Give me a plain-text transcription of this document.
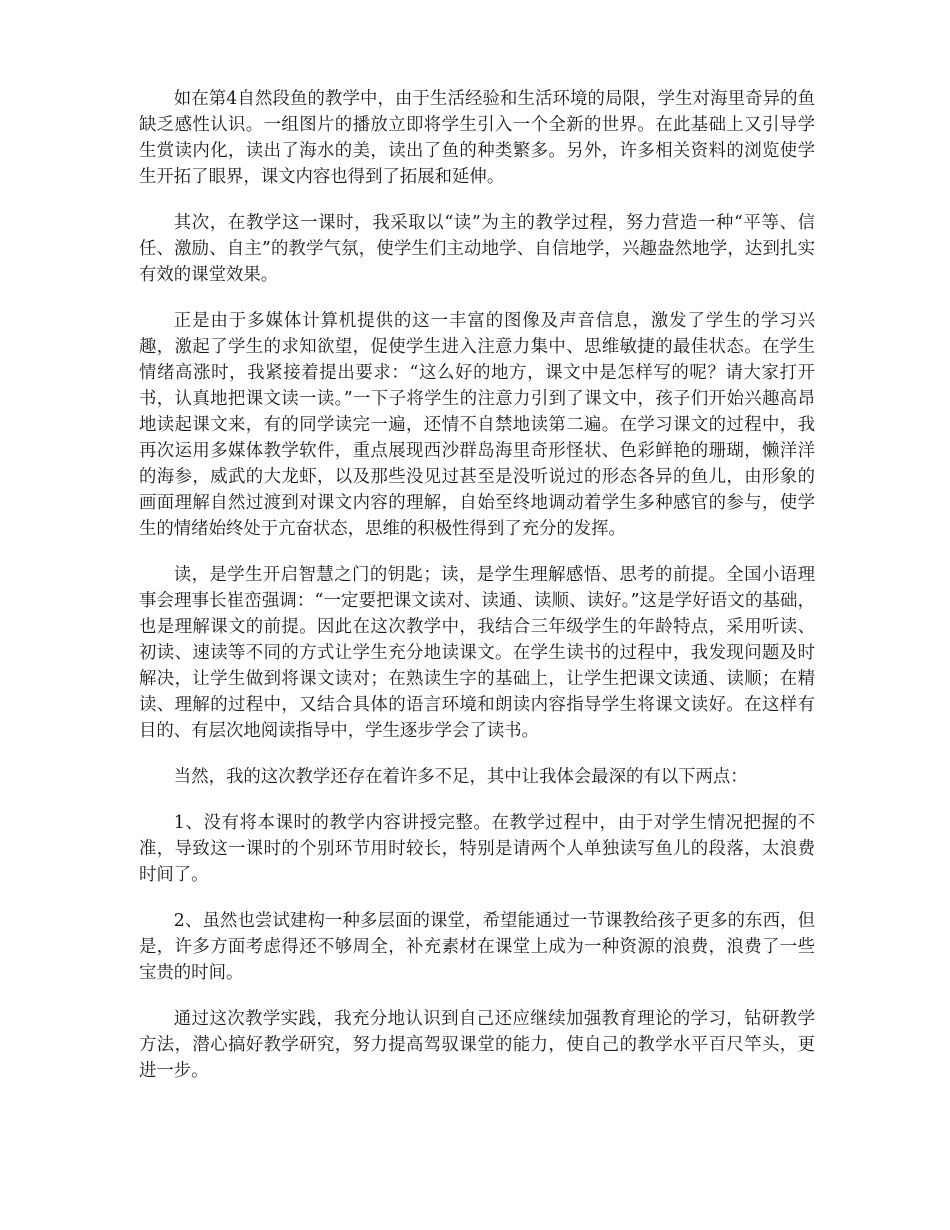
如在第4自然段鱼的教学中，由于生活经验和生活环境的局限，学生对海里奇异的鱼缺乏感性认识。一组图片的播放立即将学生引入一个全新的世界。在此基础上又引导学生赏读内化，读出了海水的美，读出了鱼的种类繁多。另外，许多相关资料的浏览使学生开拓了眼界，课文内容也得到了拓展和延伸。

其次，在教学这一课时，我采取以“读”为主的教学过程，努力营造一种“平等、信任、激励、自主”的教学气氛，使学生们主动地学、自信地学，兴趣盎然地学，达到扎实有效的课堂效果。

正是由于多媒体计算机提供的这一丰富的图像及声音信息，激发了学生的学习兴趣，激起了学生的求知欲望，促使学生进入注意力集中、思维敏捷的最佳状态。在学生情绪高涨时，我紧接着提出要求：“这么好的地方，课文中是怎样写的呢？请大家打开书，认真地把课文读一读。”一下子将学生的注意力引到了课文中，孩子们开始兴趣高昂地读起课文来，有的同学读完一遍，还情不自禁地读第二遍。在学习课文的过程中，我再次运用多媒体教学软件，重点展现西沙群岛海里奇形怪状、色彩鲜艳的珊瑚，懒洋洋的海参，威武的大龙虾，以及那些没见过甚至是没听说过的形态各异的鱼儿，由形象的画面理解自然过渡到对课文内容的理解，自始至终地调动着学生多种感官的参与，使学生的情绪始终处于亢奋状态，思维的积极性得到了充分的发挥。

读，是学生开启智慧之门的钥匙；读，是学生理解感悟、思考的前提。全国小语理事会理事长崔峦强调：“一定要把课文读对、读通、读顺、读好。”这是学好语文的基础，也是理解课文的前提。因此在这次教学中，我结合三年级学生的年龄特点，采用听读、初读、速读等不同的方式让学生充分地读课文。在学生读书的过程中，我发现问题及时解决，让学生做到将课文读对；在熟读生字的基础上，让学生把课文读通、读顺；在精读、理解的过程中，又结合具体的语言环境和朗读内容指导学生将课文读好。在这样有目的、有层次地阅读指导中，学生逐步学会了读书。

当然，我的这次教学还存在着许多不足，其中让我体会最深的有以下两点：

1、没有将本课时的教学内容讲授完整。在教学过程中，由于对学生情况把握的不准，导致这一课时的个别环节用时较长，特别是请两个人单独读写鱼儿的段落，太浪费时间了。

2、虽然也尝试建构一种多层面的课堂，希望能通过一节课教给孩子更多的东西，但是，许多方面考虑得还不够周全，补充素材在课堂上成为一种资源的浪费，浪费了一些宝贵的时间。

通过这次教学实践，我充分地认识到自己还应继续加强教育理论的学习，钻研教学方法，潜心搞好教学研究，努力提高驾驭课堂的能力，使自己的教学水平百尺竿头，更进一步。
